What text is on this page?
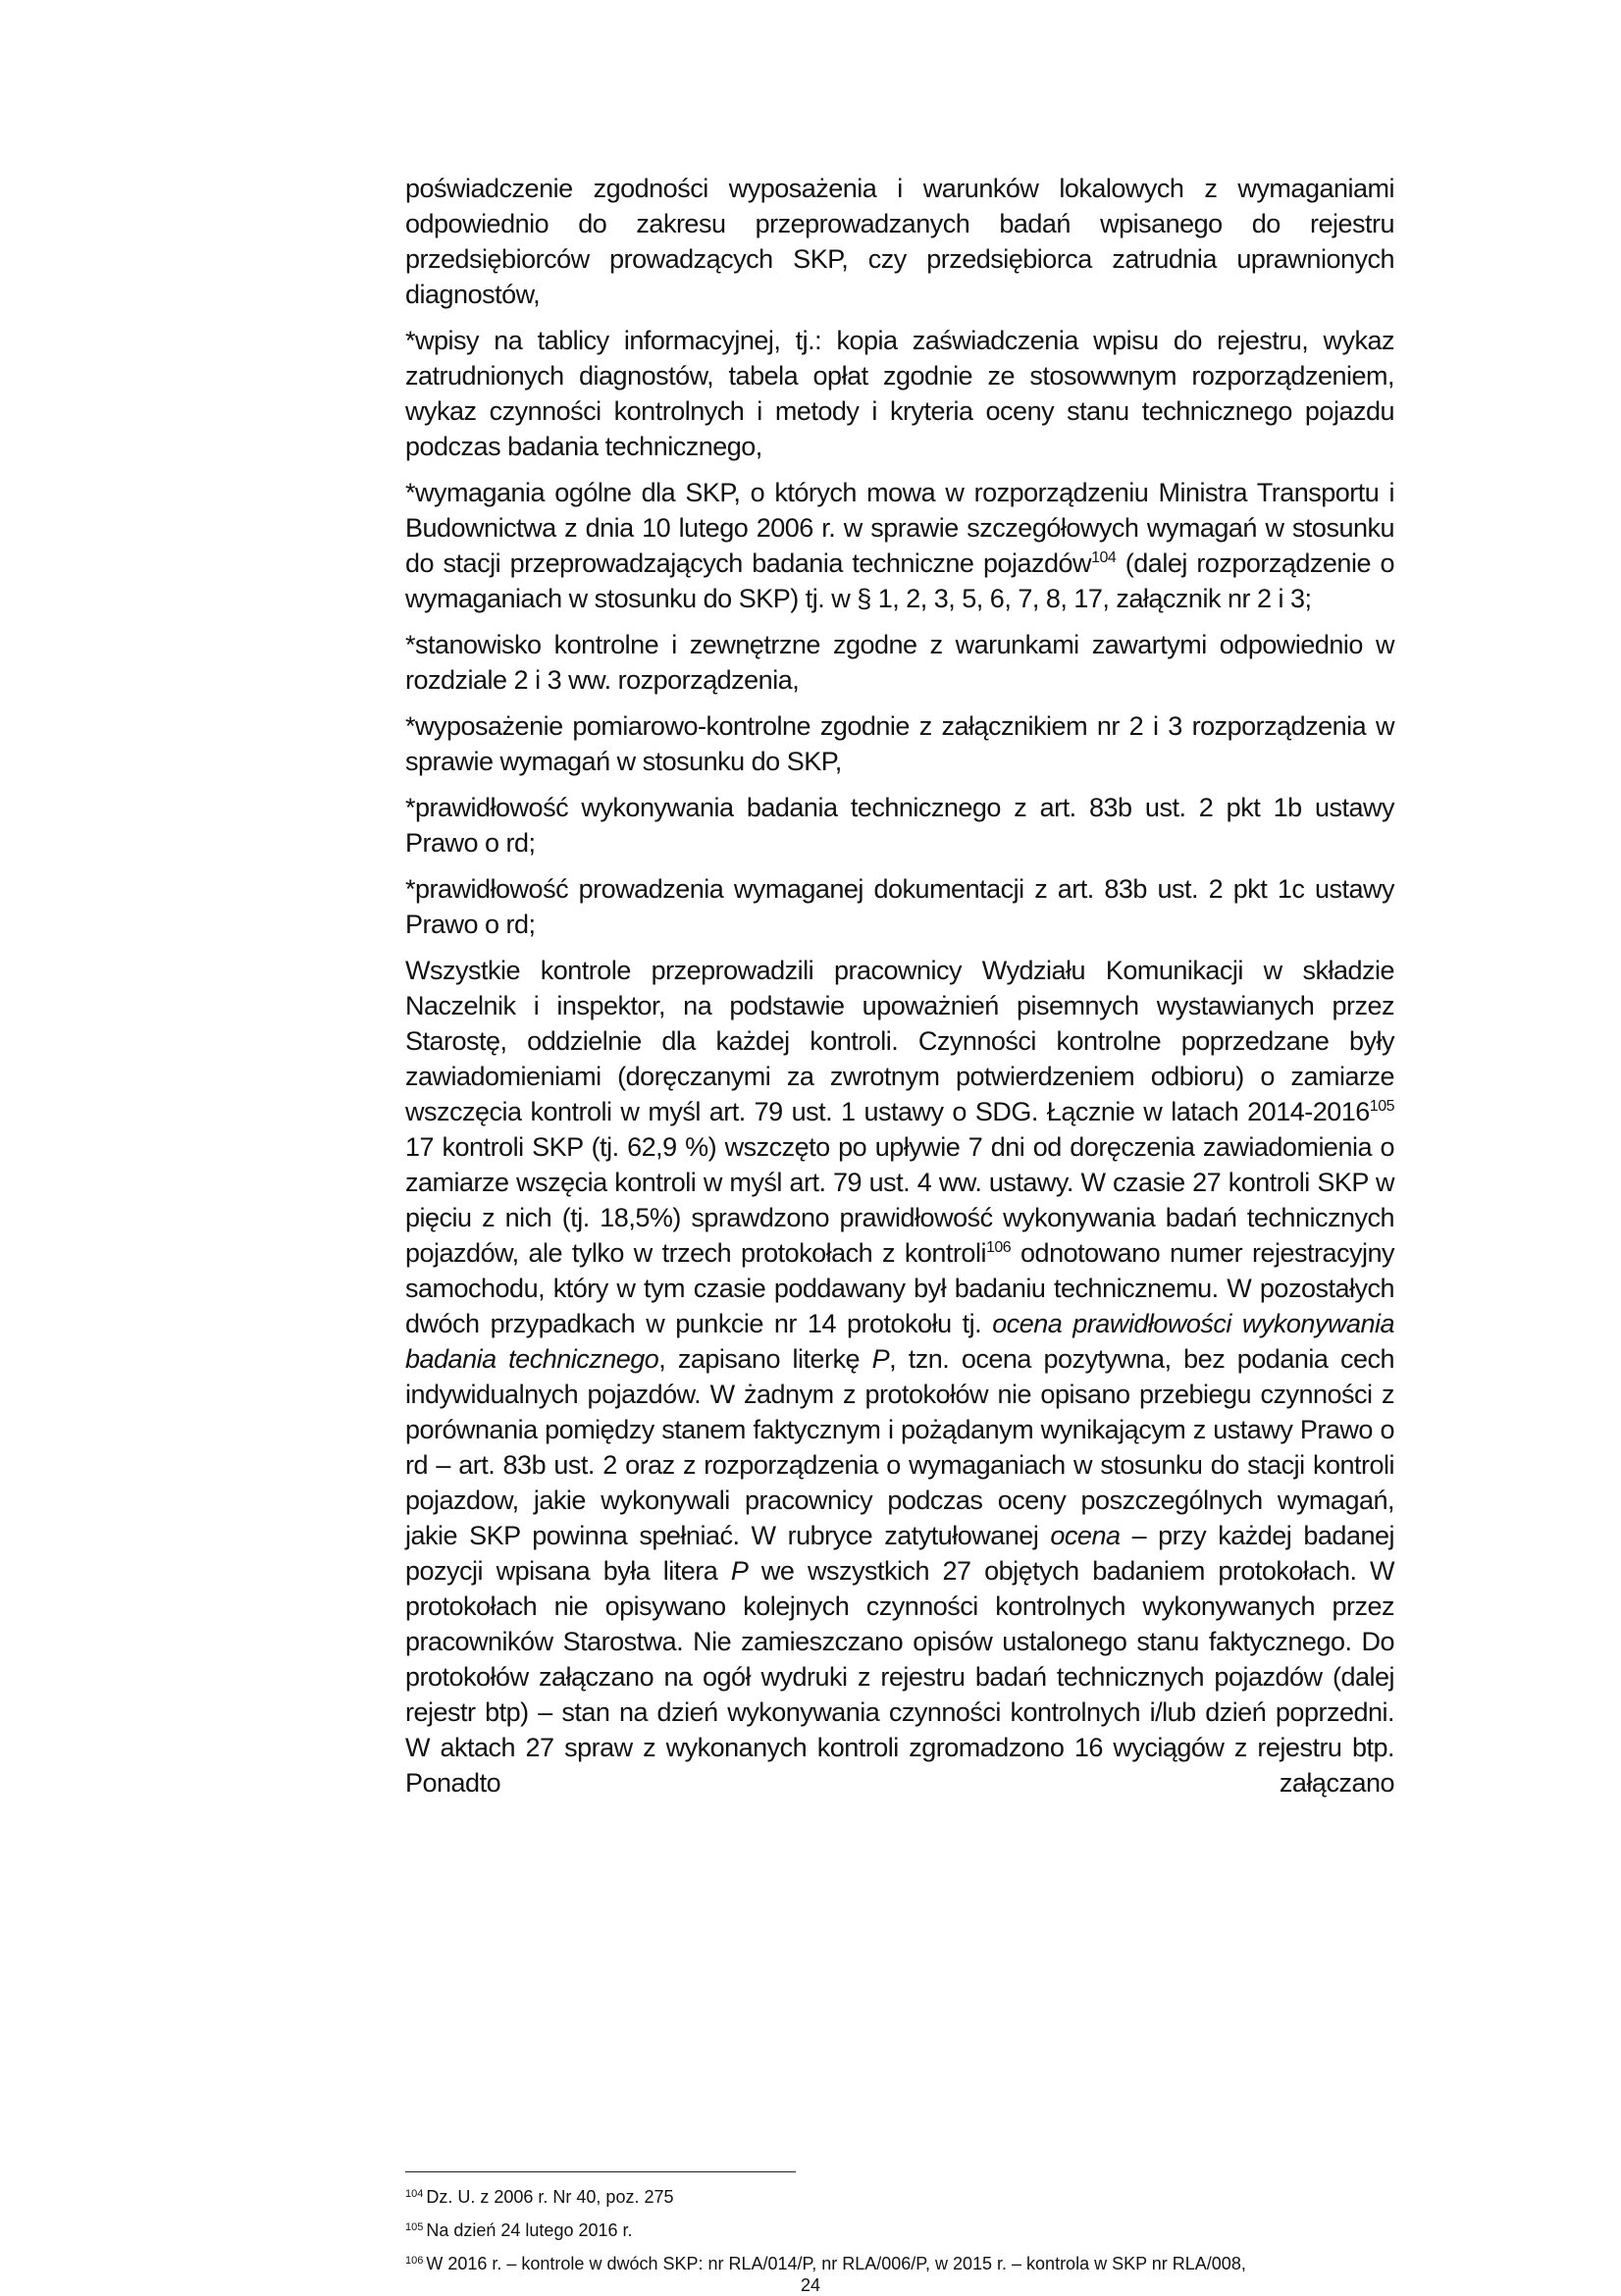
poświadczenie zgodności wyposażenia i warunków lokalowych z wymaganiami odpowiednio do zakresu przeprowadzanych badań wpisanego do rejestru przedsiębiorców prowadzących SKP, czy przedsiębiorca zatrudnia uprawnionych diagnostów,

*wpisy na tablicy informacyjnej, tj.: kopia zaświadczenia wpisu do rejestru, wykaz zatrudnionych diagnostów, tabela opłat zgodnie ze stosowwnym rozporządzeniem, wykaz czynności kontrolnych i metody i kryteria oceny stanu technicznego pojazdu podczas badania technicznego,

*wymagania ogólne dla SKP, o których mowa w rozporządzeniu Ministra Transportu i Budownictwa z dnia 10 lutego 2006 r. w sprawie szczegółowych wymagań w stosunku do stacji przeprowadzających badania techniczne pojazdów$^{104}$ (dalej rozporządzenie o wymaganiach w stosunku do SKP) tj. w § 1, 2, 3, 5, 6, 7, 8, 17, załącznik nr 2 i 3;

*stanowisko kontrolne i zewnętrzne zgodne z warunkami zawartymi odpowiednio w rozdziale 2 i 3 ww. rozporządzenia,

*wyposażenie pomiarowo-kontrolne zgodnie z załącznikiem nr 2 i 3 rozporządzenia w sprawie wymagań w stosunku do SKP,

*prawidłowość wykonywania badania technicznego z art. 83b ust. 2 pkt 1b ustawy Prawo o rd;

*prawidłowość prowadzenia wymaganej dokumentacji z art. 83b ust. 2 pkt 1c ustawy Prawo o rd;

Wszystkie kontrole przeprowadzili pracownicy Wydziału Komunikacji w składzie Naczelnik i inspektor, na podstawie upoważnień pisemnych wystawianych przez Starostę, oddzielnie dla każdej kontroli. Czynności kontrolne poprzedzane były zawiadomieniami (doręczanymi za zwrotnym potwierdzeniem odbioru) o zamiarze wszczęcia kontroli w myśl art. 79 ust. 1 ustawy o SDG. Łącznie w latach 2014-2016$^{105}$ 17 kontroli SKP (tj. 62,9 %) wszczęto po upływie 7 dni od doręczenia zawiadomienia o zamiarze wszęcia kontroli w myśl art. 79 ust. 4 ww. ustawy. W czasie 27 kontroli SKP w pięciu z nich (tj. 18,5%) sprawdzono prawidłowość wykonywania badań technicznych pojazdów, ale tylko w trzech protokołach z kontroli$^{106}$ odnotowano numer rejestracyjny samochodu, który w tym czasie poddawany był badaniu technicznemu. W pozostałych dwóch przypadkach w punkcie nr 14 protokołu tj. ocena prawidłowości wykonywania badania technicznego, zapisano literkę P, tzn. ocena pozytywna, bez podania cech indywidualnych pojazdów. W żadnym z protokołów nie opisano przebiegu czynności z porównania pomiędzy stanem faktycznym i pożądanym wynikającym z ustawy Prawo o rd – art. 83b ust. 2 oraz z rozporządzenia o wymaganiach w stosunku do stacji kontroli pojazdow, jakie wykonywali pracownicy podczas oceny poszczególnych wymagań, jakie SKP powinna spełniać. W rubryce zatytułowanej ocena – przy każdej badanej pozycji wpisana była litera P we wszystkich 27 objętych badaniem protokołach. W protokołach nie opisywano kolejnych czynności kontrolnych wykonywanych przez pracowników Starostwa. Nie zamieszczano opisów ustalonego stanu faktycznego. Do protokołów załączano na ogół wydruki z rejestru badań technicznych pojazdów (dalej rejestr btp) – stan na dzień wykonywania czynności kontrolnych i/lub dzień poprzedni. W aktach 27 spraw z wykonanych kontroli zgromadzono 16 wyciągów z rejestru btp. Ponadto załączano

$^{104}$ Dz. U. z 2006 r. Nr 40, poz. 275

$^{105}$ Na dzień 24 lutego 2016 r.

$^{106}$ W 2016 r. – kontrole w dwóch SKP: nr RLA/014/P, nr RLA/006/P, w 2015 r. – kontrola w SKP nr RLA/008,

24
